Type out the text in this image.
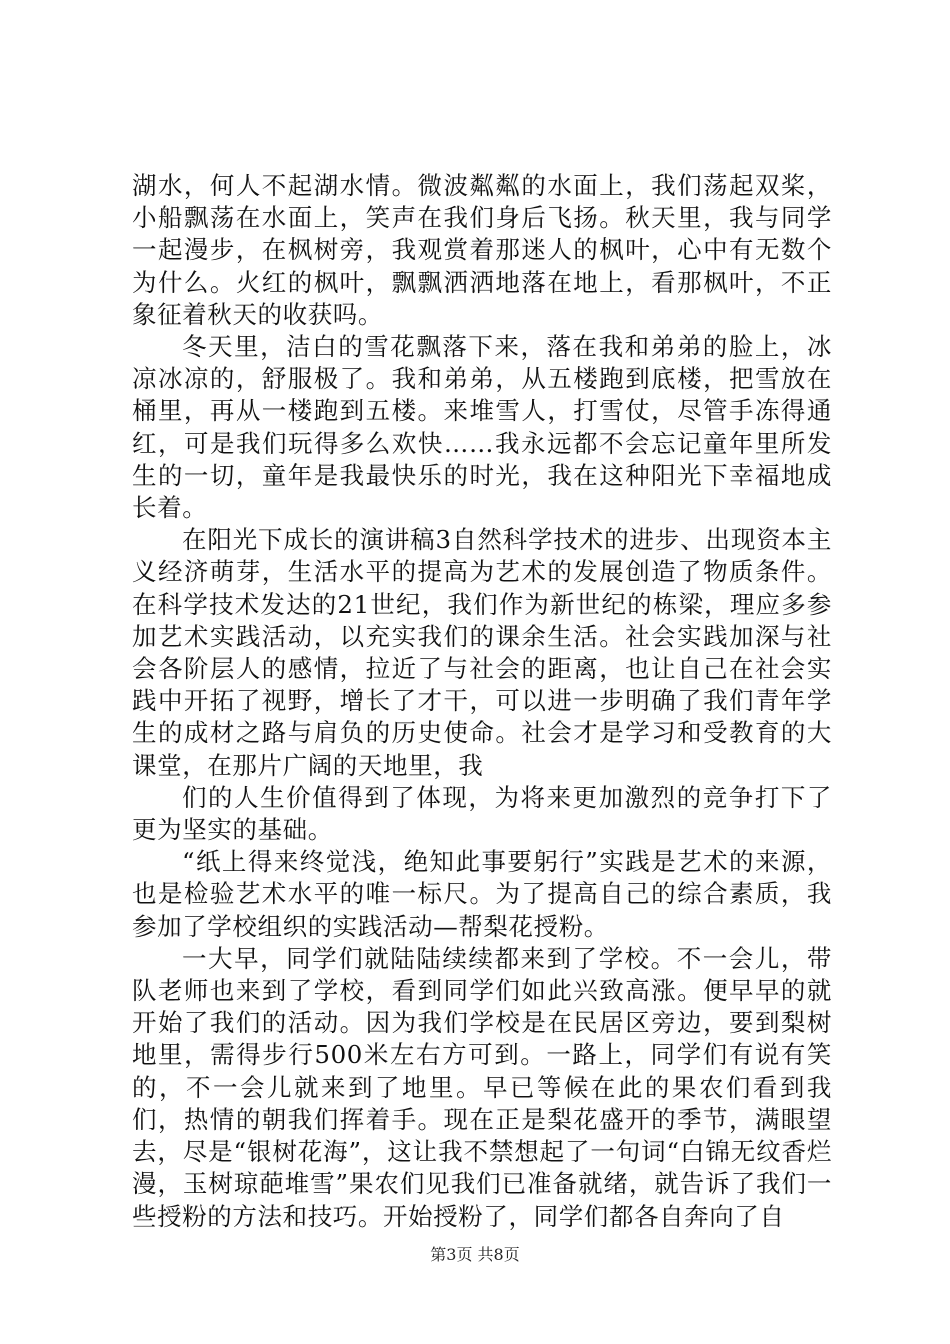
湖水，何人不起湖水情。微波粼粼的水面上，我们荡起双桨，小船飘荡在水面上，笑声在我们身后飞扬。秋天里，我与同学一起漫步，在枫树旁，我观赏着那迷人的枫叶，心中有无数个为什么。火红的枫叶，飘飘洒洒地落在地上，看那枫叶，不正象征着秋天的收获吗。

冬天里，洁白的雪花飘落下来，落在我和弟弟的脸上，冰凉冰凉的，舒服极了。我和弟弟，从五楼跑到底楼，把雪放在桶里，再从一楼跑到五楼。来堆雪人，打雪仗，尽管手冻得通红，可是我们玩得多么欢快……我永远都不会忘记童年里所发生的一切，童年是我最快乐的时光，我在这种阳光下幸福地成长着。

在阳光下成长的演讲稿3自然科学技术的进步、出现资本主义经济萌芽，生活水平的提高为艺术的发展创造了物质条件。在科学技术发达的21世纪，我们作为新世纪的栋梁，理应多参加艺术实践活动，以充实我们的课余生活。社会实践加深与社会各阶层人的感情，拉近了与社会的距离，也让自己在社会实践中开拓了视野，增长了才干，可以进一步明确了我们青年学生的成材之路与肩负的历史使命。社会才是学习和受教育的大课堂，在那片广阔的天地里，我

们的人生价值得到了体现，为将来更加激烈的竞争打下了更为坚实的基础。

“纸上得来终觉浅，绝知此事要躬行”实践是艺术的来源，也是检验艺术水平的唯一标尺。为了提高自己的综合素质，我参加了学校组织的实践活动—帮梨花授粉。

一大早，同学们就陆陆续续都来到了学校。不一会儿，带队老师也来到了学校，看到同学们如此兴致高涨。便早早的就开始了我们的活动。因为我们学校是在民居区旁边，要到梨树地里，需得步行500米左右方可到。一路上，同学们有说有笑的，不一会儿就来到了地里。早已等候在此的果农们看到我们，热情的朝我们挥着手。现在正是梨花盛开的季节，满眼望去，尽是“银树花海”，这让我不禁想起了一句词“白锦无纹香烂漫，玉树琼葩堆雪”果农们见我们已准备就绪，就告诉了我们一些授粉的方法和技巧。开始授粉了，同学们都各自奔向了自

第3页 共8页
